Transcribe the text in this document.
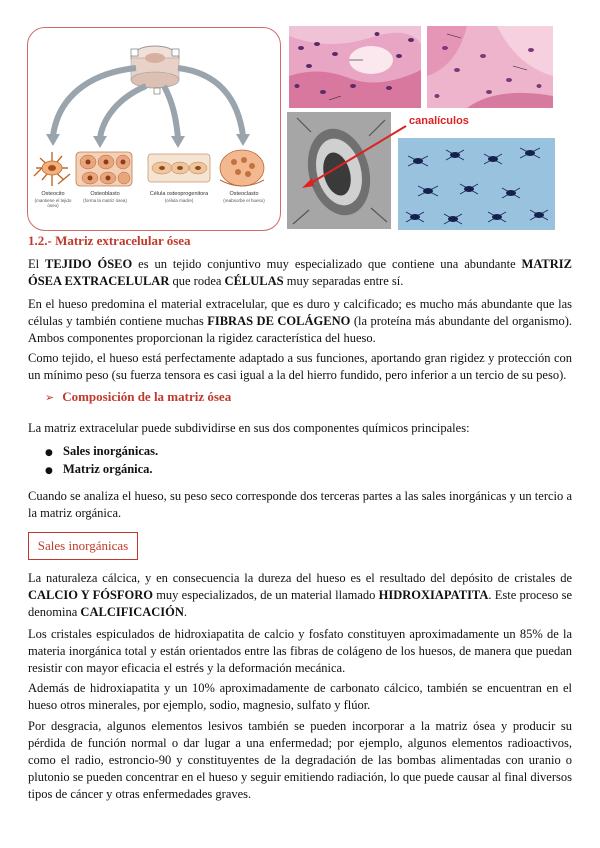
Osteocito
(mantiene el tejido óseo)
Osteoblasto
(forma la matriz ósea)
Célula osteoprogenitora
(célula madre)
Osteoclasto
(reabsorbe el hueso)
canalículos
1.2.- Matriz extracelular ósea

El TEJIDO ÓSEO es un tejido conjuntivo muy especializado que contiene una abundante MATRIZ ÓSEA EXTRACELULAR que rodea CÉLULAS muy separadas entre sí.

En el hueso predomina el material extracelular, que es duro y calcificado; es mucho más abundante que las células y también contiene muchas FIBRAS DE COLÁGENO (la proteína más abundante del organismo). Ambos componentes proporcionan la rigidez característica del hueso.

Como tejido, el hueso está perfectamente adaptado a sus funciones, aportando gran rigidez y protección con un mínimo peso (su fuerza tensora es casi igual a la del hierro fundido, pero inferior a un tercio de su peso).

➢ Composición de la matriz ósea

La matriz extracelular puede subdividirse en sus dos componentes químicos principales:

● Sales inorgánicas.
● Matriz orgánica.

Cuando se analiza el hueso, su peso seco corresponde dos terceras partes a las sales inorgánicas y un tercio a la matriz orgánica.

Sales inorgánicas

La naturaleza cálcica, y en consecuencia la dureza del hueso es el resultado del depósito de cristales de CALCIO Y FÓSFORO muy especializados, de un material llamado HIDROXIAPATITA. Este proceso se denomina CALCIFICACIÓN.

Los cristales espiculados de hidroxiapatita de calcio y fosfato constituyen aproximadamente un 85% de la materia inorgánica total y están orientados entre las fibras de colágeno de los huesos, de manera que puedan resistir con mayor eficacia el estrés y la deformación mecánica.

Además de hidroxiapatita y un 10% aproximadamente de carbonato cálcico, también se encuentran en el hueso otros minerales, por ejemplo, sodio, magnesio, sulfato y flúor.

Por desgracia, algunos elementos lesivos también se pueden incorporar a la matriz ósea y producir su pérdida de función normal o dar lugar a una enfermedad; por ejemplo, algunos elementos radioactivos, como el radio, estroncio-90 y constituyentes de la degradación de las bombas alimentadas con uranio o plutonio se pueden concentrar en el hueso y seguir emitiendo radiación, lo que puede causar al final diversos tipos de cáncer y otras enfermedades graves.
